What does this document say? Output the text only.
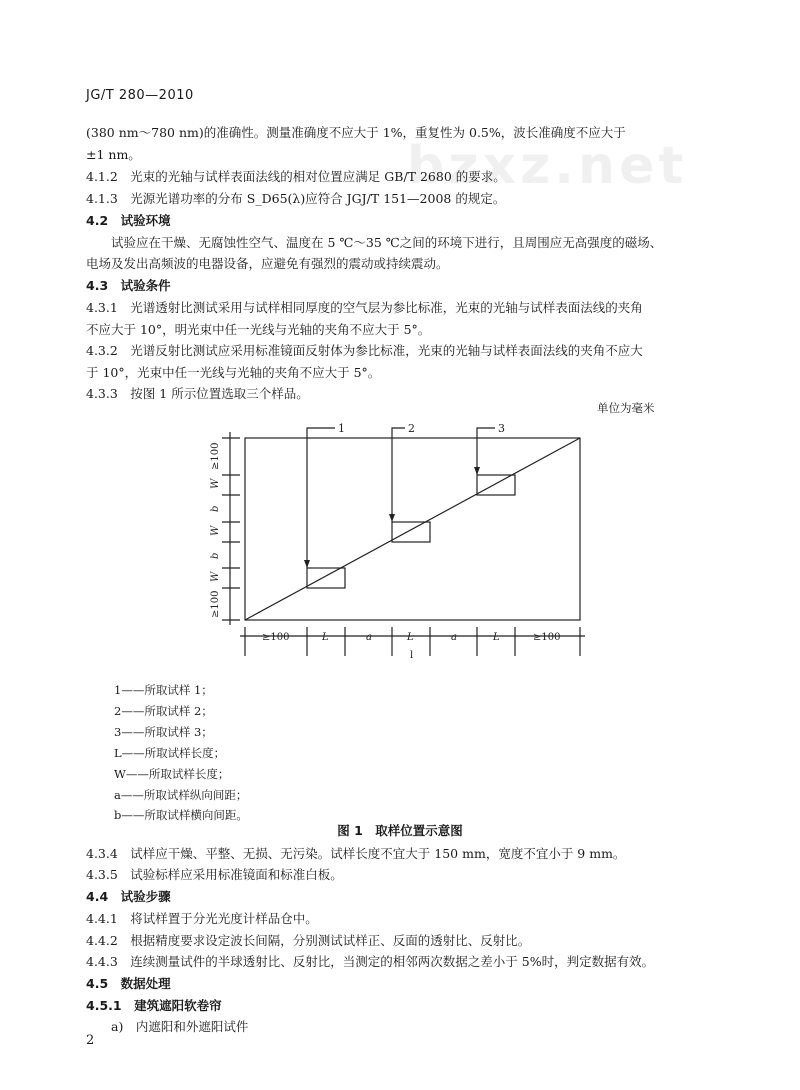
bzxz.net
JG/T 280—2010
(380 nm～780 nm)的准确性。测量准确度不应大于 1%，重复性为 0.5%，波长准确度不应大于
±1 nm。
4.1.2　光束的光轴与试样表面法线的相对位置应满足 GB/T 2680 的要求。
4.1.3　光源光谱功率的分布 S_D65(λ)应符合 JGJ/T 151—2008 的规定。
4.2　试验环境
　　试验应在干燥、无腐蚀性空气、温度在 5 ℃～35 ℃之间的环境下进行，且周围应无高强度的磁场、
电场及发出高频波的电器设备，应避免有强烈的震动或持续震动。
4.3　试验条件
4.3.1　光谱透射比测试采用与试样相同厚度的空气层为参比标准，光束的光轴与试样表面法线的夹角
不应大于 10°，明光束中任一光线与光轴的夹角不应大于 5°。
4.3.2　光谱反射比测试应采用标准镜面反射体为参比标准，光束的光轴与试样表面法线的夹角不应大
于 10°，光束中任一光线与光轴的夹角不应大于 5°。
4.3.3　按图 1 所示位置选取三个样品。
单位为毫米
1	2	3
≥100	L	a	L	a	L	≥100
l
≥100
W
b
W
b
W
≥100
1——所取试样 1；
2——所取试样 2；
3——所取试样 3；
L——所取试样长度；
W——所取试样长度；
a——所取试样纵向间距；
b——所取试样横向间距。
图 1　取样位置示意图
4.3.4　试样应干燥、平整、无损、无污染。试样长度不宜大于 150 mm，宽度不宜小于 9 mm。
4.3.5　试验标样应采用标准镜面和标准白板。
4.4　试验步骤
4.4.1　将试样置于分光光度计样品仓中。
4.4.2　根据精度要求设定波长间隔，分别测试试样正、反面的透射比、反射比。
4.4.3　连续测量试件的半球透射比、反射比，当测定的相邻两次数据之差小于 5%时，判定数据有效。
4.5　数据处理
4.5.1　建筑遮阳软卷帘
　　a)　内遮阳和外遮阳试件
2
